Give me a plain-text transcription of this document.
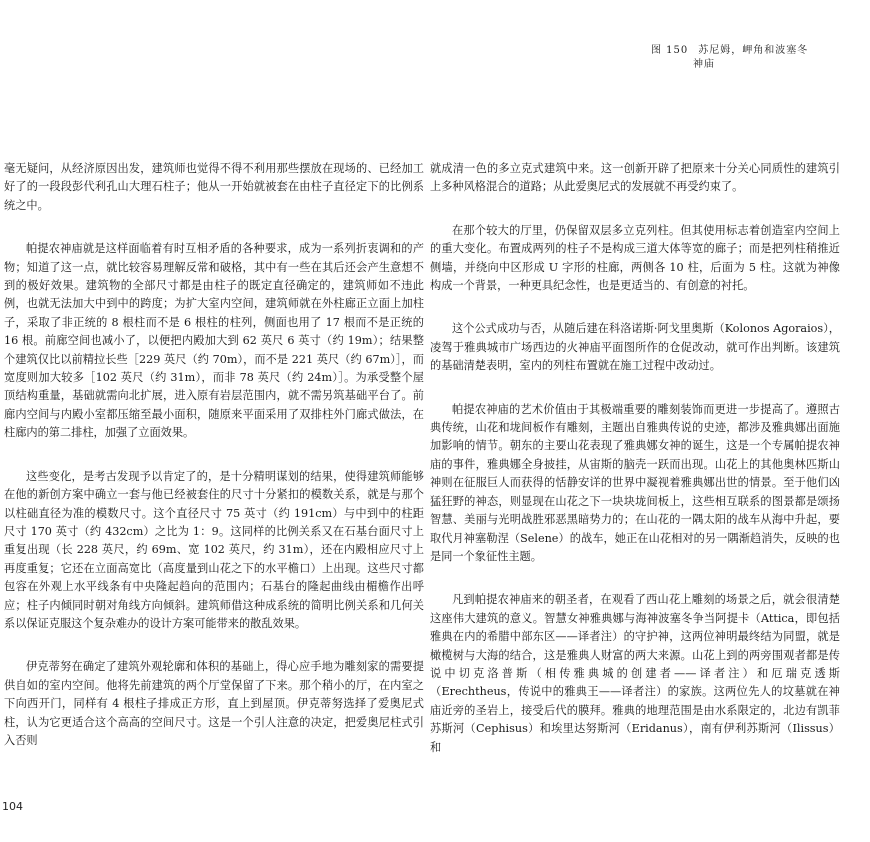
图 150 苏尼姆，岬角和波塞冬
神庙

毫无疑问，从经济原因出发，建筑师也觉得不得不利用那些摆放在现场的、已经加工好了的一段段彭代利孔山大理石柱子；他从一开始就被套在由柱子直径定下的比例系统之中。

帕提农神庙就是这样面临着有时互相矛盾的各种要求，成为一系列折衷调和的产物；知道了这一点，就比较容易理解反常和破格，其中有一些在其后还会产生意想不到的极好效果。建筑物的全部尺寸都是由柱子的既定直径确定的，建筑师如不违此例，也就无法加大中到中的跨度；为扩大室内空间，建筑师就在外柱廊正立面上加柱子，采取了非正统的 8 根柱而不是 6 根柱的柱列，侧面也用了 17 根而不是正统的 16 根。前廊空间也减小了，以便把内殿加大到 62 英尺 6 英寸（约 19m）；结果整个建筑仅比以前精拉长些［229 英尺（约 70m），而不是 221 英尺（约 67m）］，而宽度则加大较多［102 英尺（约 31m），而非 78 英尺（约 24m）］。为承受整个屋顶结构重量，基础就需向北扩展，进入原有岩层范围内，就不需另筑基础平台了。前廊内空间与内殿小室都压缩至最小面积，随原来平面采用了双排柱外门廊式做法，在柱廊内的第二排柱，加强了立面效果。

这些变化，是考古发现予以肯定了的，是十分精明谋划的结果，使得建筑师能够在他的新创方案中确立一套与他已经被套住的尺寸十分紧扣的模数关系，就是与那个以柱础直径为准的模数尺寸。这个直径尺寸 75 英寸（约 191cm）与中到中的柱距尺寸 170 英寸（约 432cm）之比为 1：9。这同样的比例关系又在石基台面尺寸上重复出现（长 228 英尺，约 69m、宽 102 英尺，约 31m），还在内殿相应尺寸上再度重复；它还在立面高宽比（高度量到山花之下的水平檐口）上出现。这些尺寸都包容在外观上水平线条有中央隆起趋向的范围内；石基台的隆起曲线由楣檐作出呼应；柱子内倾同时朝对角线方向倾斜。建筑师借这种成系统的简明比例关系和几何关系以保证克服这个复杂难办的设计方案可能带来的散乱效果。

伊克蒂努在确定了建筑外观轮廓和体积的基础上，得心应手地为雕刻家的需要提供自如的室内空间。他将先前建筑的两个厅堂保留了下来。那个稍小的厅，在内室之下向西开门，同样有 4 根柱子排成正方形，直上到屋顶。伊克蒂努选择了爱奥尼式柱，认为它更适合这个高高的空间尺寸。这是一个引人注意的决定，把爱奥尼柱式引入否则

就成清一色的多立克式建筑中来。这一创新开辟了把原来十分关心同质性的建筑引上多种风格混合的道路；从此爱奥尼式的发展就不再受约束了。

在那个较大的厅里，仍保留双层多立克列柱。但其使用标志着创造室内空间上的重大变化。布置成两列的柱子不是构成三道大体等宽的廊子；而是把列柱稍推近侧墙，并绕向中区形成 U 字形的柱廊，两侧各 10 柱，后面为 5 柱。这就为神像构成一个背景，一种更具纪念性，也是更适当的、有创意的衬托。

这个公式成功与否，从随后建在科洛诺斯·阿戈里奥斯（Kolonos Agoraios），凌驾于雅典城市广场西边的火神庙平面图所作的仓促改动，就可作出判断。该建筑的基础清楚表明，室内的列柱布置就在施工过程中改动过。

帕提农神庙的艺术价值由于其极端重要的雕刻装饰而更进一步提高了。遵照古典传统，山花和垅间板作有雕刻，主题出自雅典传说的史迹，都涉及雅典娜出面施加影响的情节。朝东的主要山花表现了雅典娜女神的诞生，这是一个专属帕提农神庙的事件，雅典娜全身披挂，从宙斯的脑壳一跃而出现。山花上的其他奥林匹斯山神则在征服巨人而获得的恬静安详的世界中凝视着雅典娜出世的情景。至于他们凶猛狂野的神态，则显现在山花之下一块块垅间板上，这些相互联系的图景都是颂扬智慧、美丽与光明战胜邪恶黑暗势力的；在山花的一隅太阳的战车从海中升起，要取代月神塞勒涅（Selene）的战车，她正在山花相对的另一隅渐趋消失，反映的也是同一个象征性主题。

凡到帕提农神庙来的朝圣者，在观看了西山花上雕刻的场景之后，就会很清楚这座伟大建筑的意义。智慧女神雅典娜与海神波塞冬争当阿提卡（Attica，即包括雅典在内的希腊中部东区——译者注）的守护神，这两位神明最终结为同盟，就是橄榄树与大海的结合，这是雅典人财富的两大来源。山花上到的两旁围观者都是传说中切克洛普斯（相传雅典城的创建者——译者注）和厄瑞克透斯（Erechtheus，传说中的雅典王——译者注）的家族。这两位先人的坟墓就在神庙近旁的圣岩上，接受后代的膜拜。雅典的地理范围是由水系限定的，北边有凯菲苏斯河（Cephisus）和埃里达努斯河（Eridanus），南有伊利苏斯河（Ilissus）和

104
